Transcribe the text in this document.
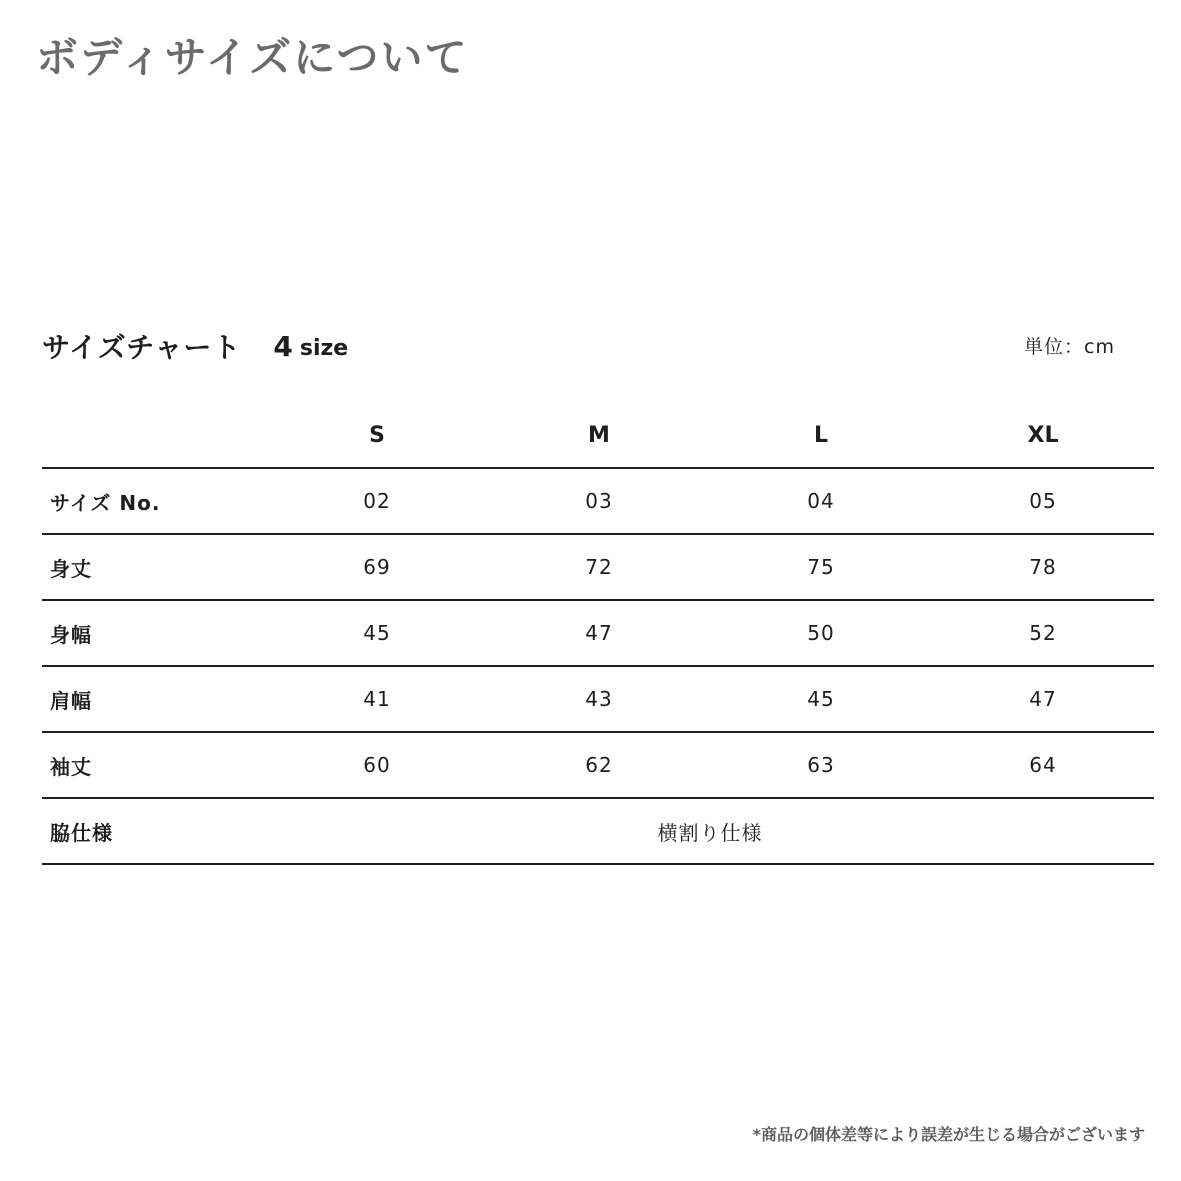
ボディサイズについて
サイズチャート 4 size	単位：cm
	S	M	L	XL
サイズ No.	02	03	04	05
身丈	69	72	75	78
身幅	45	47	50	52
肩幅	41	43	45	47
袖丈	60	62	63	64
脇仕様	横割り仕様			
*商品の個体差等により誤差が生じる場合がございます
